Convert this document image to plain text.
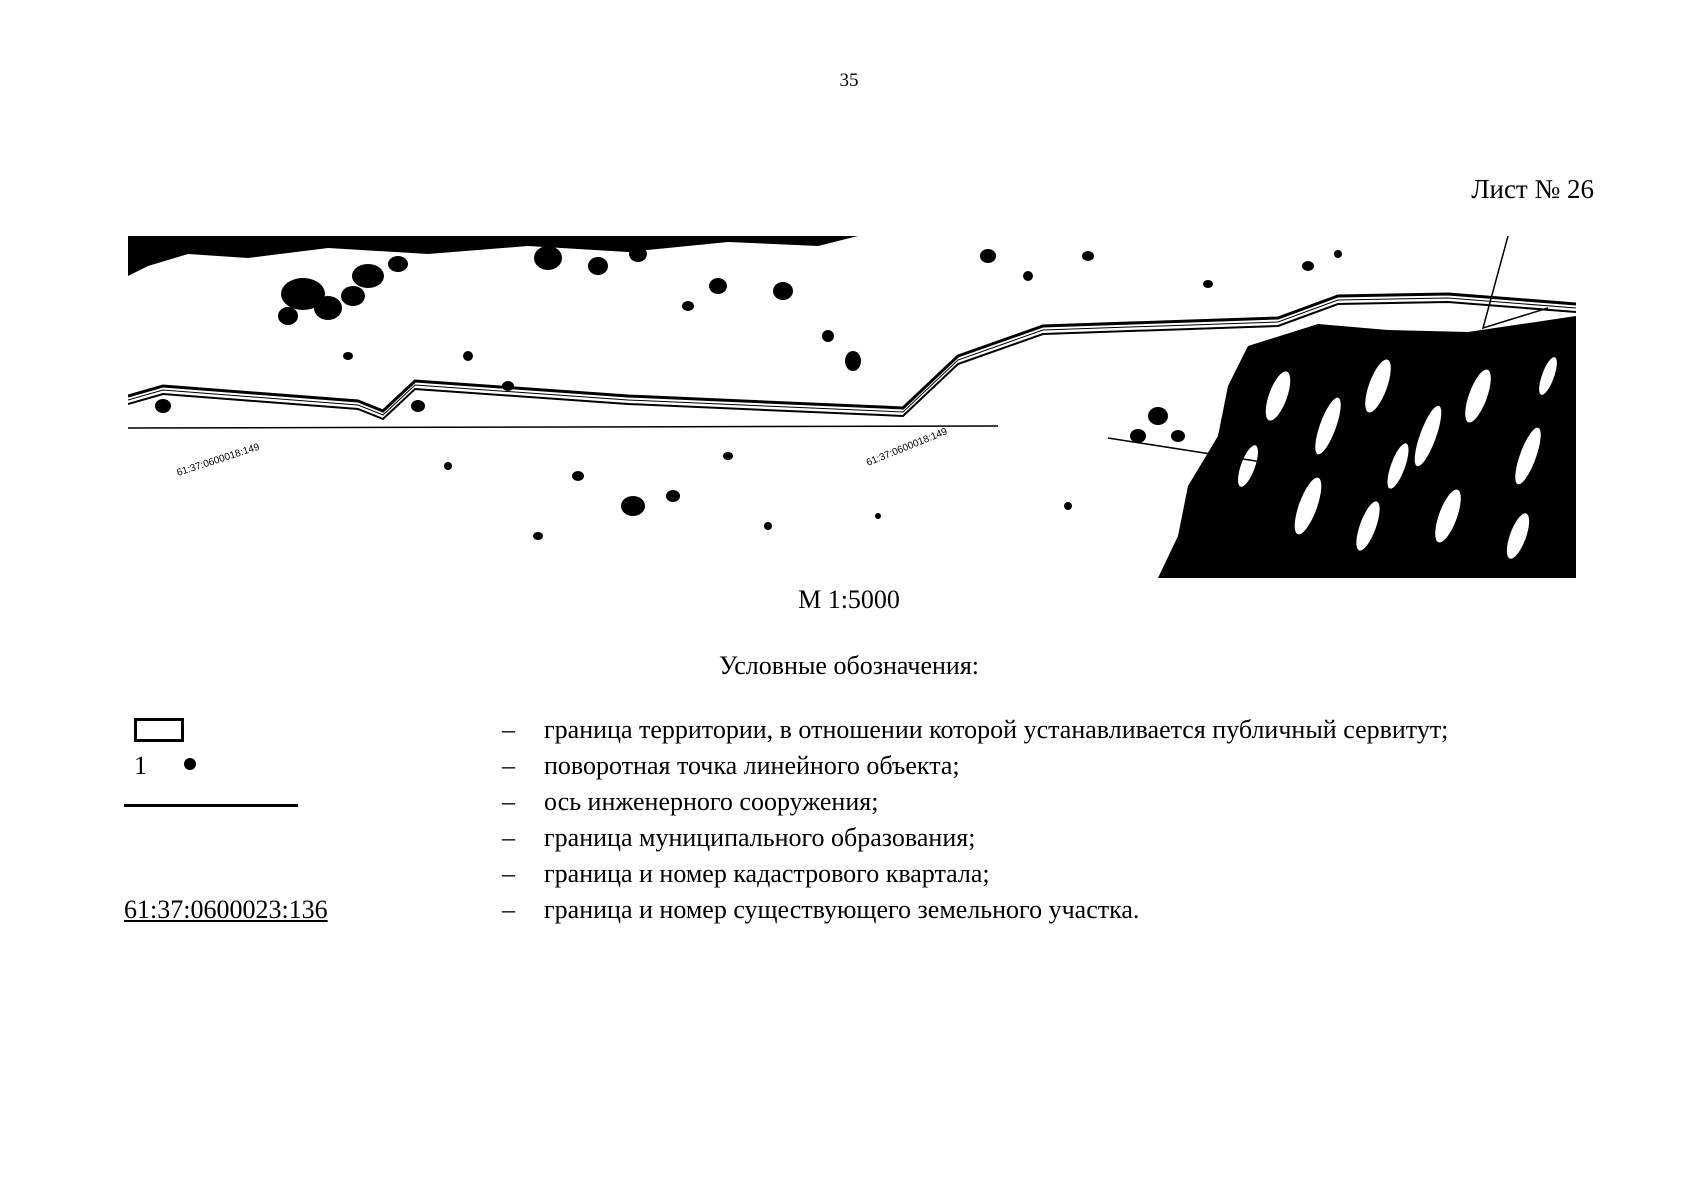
35
Лист № 26
61:37:0600018:149	61:37:0600018:149
М 1:5000
Условные обозначения:
– граница территории, в отношении которой устанавливается публичный сервитут;
1	– поворотная точка линейного объекта;
– ось инженерного сооружения;
– граница муниципального образования;
– граница и номер кадастрового квартала;
61:37:0600023:136	– граница и номер существующего земельного участка.
